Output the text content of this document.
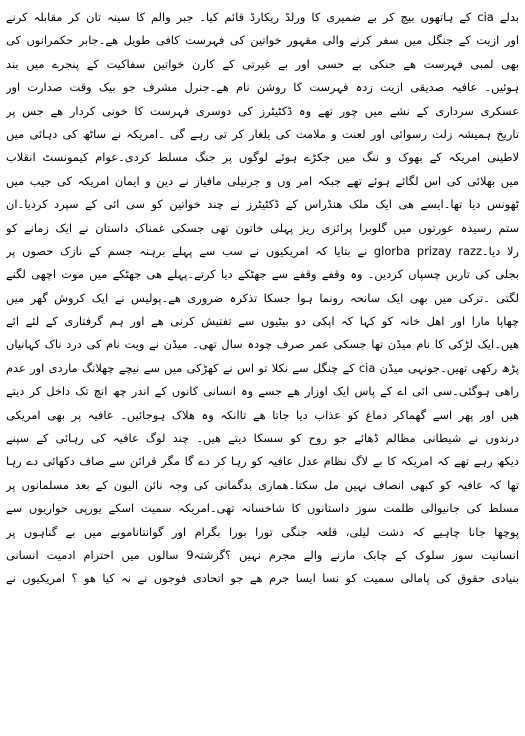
بدلے cia کے ہاتھوں بیچ کر بے ضمیری کا ورلڈ ریکارڈ قائم کیا۔ جبر والم کا سینہ تان کر مقابلہ کرنے
اور ازیت کے جنگل میں سفر کرنے والی مقہور خواتین کی فہرست کافی طویل ھے۔جابر حکمرانوں کی
بھی لمبی فہرست ھے جنکی بے حسی اور بے غیرتی کے کارن خواتین سفاکیت کے پنجرے میں بند
ہوئیں۔ عافیہ صدیقی ازیت زدہ فہرست کا روشن نام ھے۔جنرل مشرف جو بیک وقت صدارت اور
عسکری سرداری کے نشے میں چور تھے وہ ڈکٹیٹرز کی دوسری فہرست کا خونی کردار ھے جس پر
تاریخ ہمیشہ زلت رسوائی اور لعنت و ملامت کی یلغار کر تی رہے گی ۔امریکہ نے ساٹھ کی دہائی میں
لاطینی امریکہ کے بھوک و ننگ میں جکڑے ہوئے لوگوں پر جنگ مسلط کردی۔عوام کیمونسٹ انقلاب
میں بھلائی کی اس لگائے ہوئے تھے جبکہ امر وں و جرنیلی مافیاز نے دین و ایمان امریکہ کی جیب میں
ٹھونس دیا تھا۔ایسے ھی ایک ملک ھنڈراس کے ڈکٹیٹرز نے چند خواتین کو سی ائی کے سپرد کردیا۔ان
ستم رسیدہ عورتوں میں گلوبرا پرائزی ریز پہلی خاتون تھی جسکی غمناک داستان نے ایک زمانے کو
رلا دیا۔glorba prizay razz نے بتایا کہ امریکیوں نے سب سے پہلے برہنہ جسم کے نازک حصوں پر
بجلی کی تاریں چسپاں کردیں۔ وہ وقفے وقفے سے جھٹکے دیا کرتے۔پہلے ھی جھٹکے میں موت اچھی لگنے
لگتی ۔ترکی میں بھی ایک سانحہ رونما ہوا جسکا تذکرہ ضروری ھے۔پولیس نے ایک کروش گھر میں
چھاپا مارا اور اھل خانہ کو کہا کہ اپکی دو بیٹیوں سے تفتیش کرنی ھے اور ہم گرفتاری کے لئے ائے
ھیں۔ایک لڑکی کا نام میڈن تھا جسکی عمر صرف چودہ سال تھی۔ میڈن نے ویت نام کی درد ناک کہانیاں
پڑھ رکھی تھیں۔جونہی میڈن cia کے چنگل سے نکلا تو اس نے کھڑکی میں سے نیچے چھلانگ ماردی اور عدم
راھی ہوگئی۔سی ائی اے کے پاس ایک اوزار ھے جسے وہ انسانی کانوں کے اندر چھ انچ تک داخل کر دیتے
ھیں اور پھر اسے گھماکر دماغ کو عذاب دیا جاتا ھے تاانکہ وہ ھلاک ہوجائیں۔ عافیہ پر بھی امریکی
درندوں نے شیطانی مظالم ڈھائے جو روح کو سسکا دیتے ھیں۔ چند لوگ عافیہ کی رہائی کے سپنے
دیکھ رہے تھے کہ امریکہ کا بے لاگ نظام عدل عافیہ کو رہا کر دے گا مگر قرائن سے صاف دکھائی دے رہا
تھا کہ عافیہ کو کبھی انصاف نہیں مل سکتا۔ھماری بدگمانی کی وجہ نائن الیون کے بعد مسلمانوں پر
مسلط کی جانیوالی ظلمت سوز داستانوں کا شاخسانہ تھی۔امریکہ سمیت اسکے یورپی حواریوں سے
پوچھا جانا چاہیے کہ دشت لیلی، قلعہ جنگی تورا بورا بگرام اور گوانتاناموبے میں بے گناہوں پر
انسانیت سوز سلوک کے چابک مارنے والے مجرم نہیں ؟گزشتہ9 سالوں میں احترام ادمیت انسانی
بنیادی حقوق کی پامالی سمیت کو نسا ایسا جرم ھے جو اتحادی فوجوں نے نہ کیا ھو ؟ امریکیوں نے
